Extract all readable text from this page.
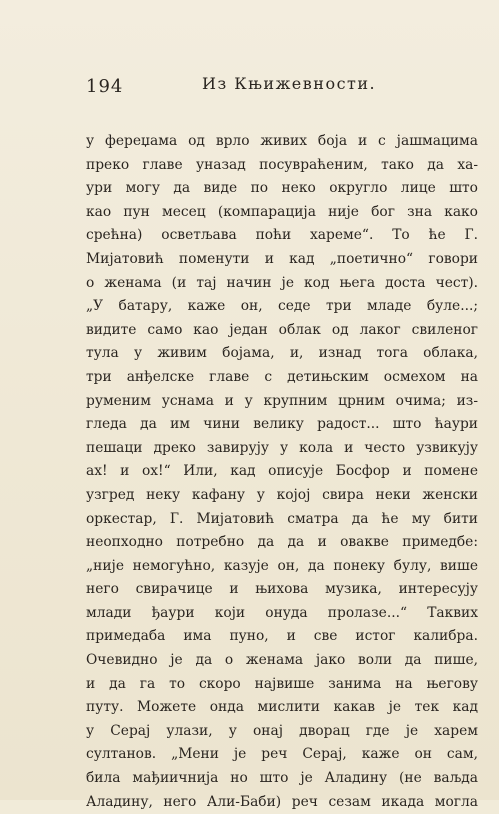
194	Из Књижевности.
у фереџама од врло живих боја и с јашмацима
преко главе уназад посувраћеним, тако да ха-
ури могу да виде по неко округло лице што
као пун месец (компарација није бог зна како
срећна) осветљава поћи хареме“. То ће Г.
Мијатовић поменути и кад „поетично“ говори
о женама (и тај начин је код њега доста чест).
„У батару, каже он, седе три младе буле...;
видите само као један облак од лаког свиленог
тула у живим бојама, и, изнад тога облака,
три анђелске главе с детињским осмехом на
руменим уснама и у крупним црним очима; из-
гледа да им чини велику радост... што ћаури
пешаци дреко завирују у кола и често узвикују
ах! и ох!“ Или, кад описује Босфор и помене
узгред неку кафану у којој свира неки женски
оркестар, Г. Мијатовић сматра да ће му бити
неопходно потребно да да и овакве примедбе:
„није немогућно, казује он, да понеку булу, више
него свирачице и њихова музика, интересују
млади ђаури који онуда пролазе...“ Таквих
примедаба има пуно, и све истог калибра.
Очевидно је да о женама јако воли да пише,
и да га то скоро највише занима на његову
путу. Можете онда мислити какав је тек кад
у Серај улази, у онај дворац где је харем
султанов. „Мени је реч Серај, каже он сам,
била мађиичнија но што је Аладину (не ваљда
Аладину, него Али-Баби) реч сезам икада могла
